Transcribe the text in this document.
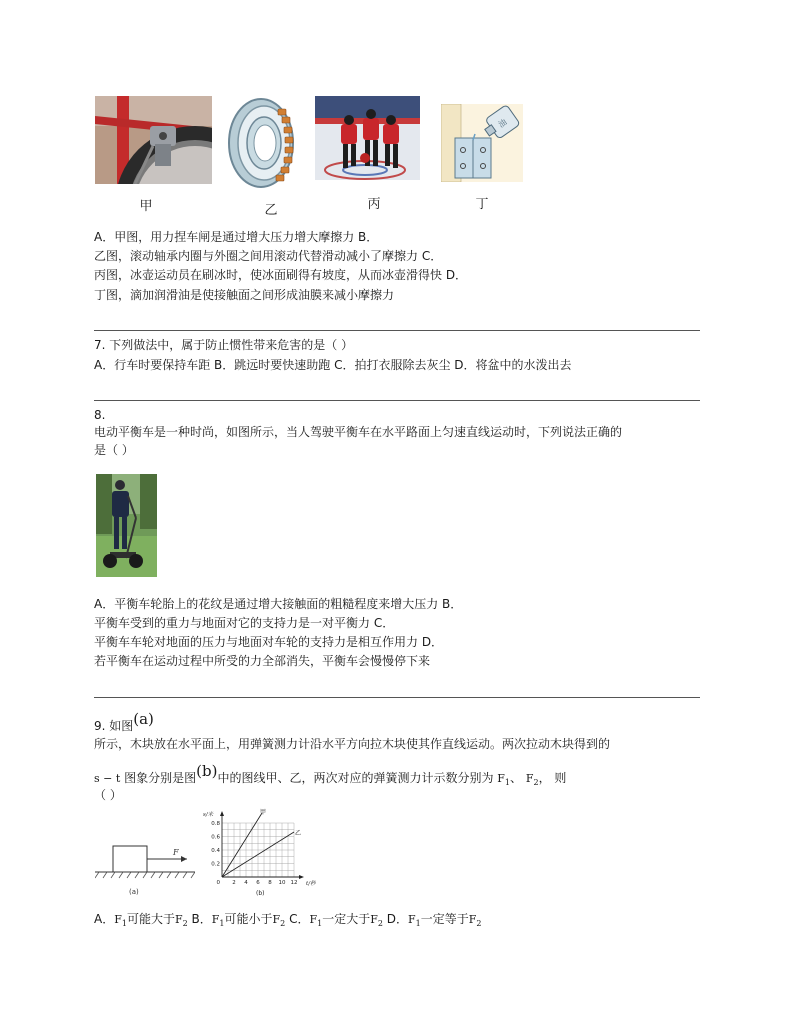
油
甲	乙	丙	丁
A．甲图，用力捏车闸是通过增大压力增大摩擦力 B．
乙图，滚动轴承内圈与外圈之间用滚动代替滑动减小了摩擦力 C．
丙图，冰壶运动员在刷冰时，使冰面刷得有坡度，从而冰壶滑得快 D．
丁图，滴加润滑油是使接触面之间形成油膜来减小摩擦力
7. 下列做法中，属于防止惯性带来危害的是（ ）
A．行车时要保持车距 B．跳远时要快速助跑 C．拍打衣服除去灰尘 D．将盆中的水泼出去
8.
电动平衡车是一种时尚，如图所示，当人驾驶平衡车在水平路面上匀速直线运动时，下列说法正确的
是（ ）
A．平衡车轮胎上的花纹是通过增大接触面的粗糙程度来增大压力 B．
平衡车受到的重力与地面对它的支持力是一对平衡力 C．
平衡车车轮对地面的压力与地面对车轮的支持力是相互作用力 D．
若平衡车在运动过程中所受的力全部消失，平衡车会慢慢停下来
9. 如图(a)
所示，木块放在水平面上，用弹簧测力计沿水平方向拉木块使其作直线运动。两次拉动木块得到的
s − t 图象分别是图(b)中的图线甲、乙，两次对应的弹簧测力计示数分别为 $F_1$、 $F_2$， 则
（ ）
F
(a)
甲
乙
s/米
t/秒
0.8
0.6
0.4
0.2
0 2 4 6 8 10 12
(b)
A．$F_1$可能大于$F_2$ B．$F_1$可能小于$F_2$ C．$F_1$一定大于$F_2$ D．$F_1$一定等于$F_2$
